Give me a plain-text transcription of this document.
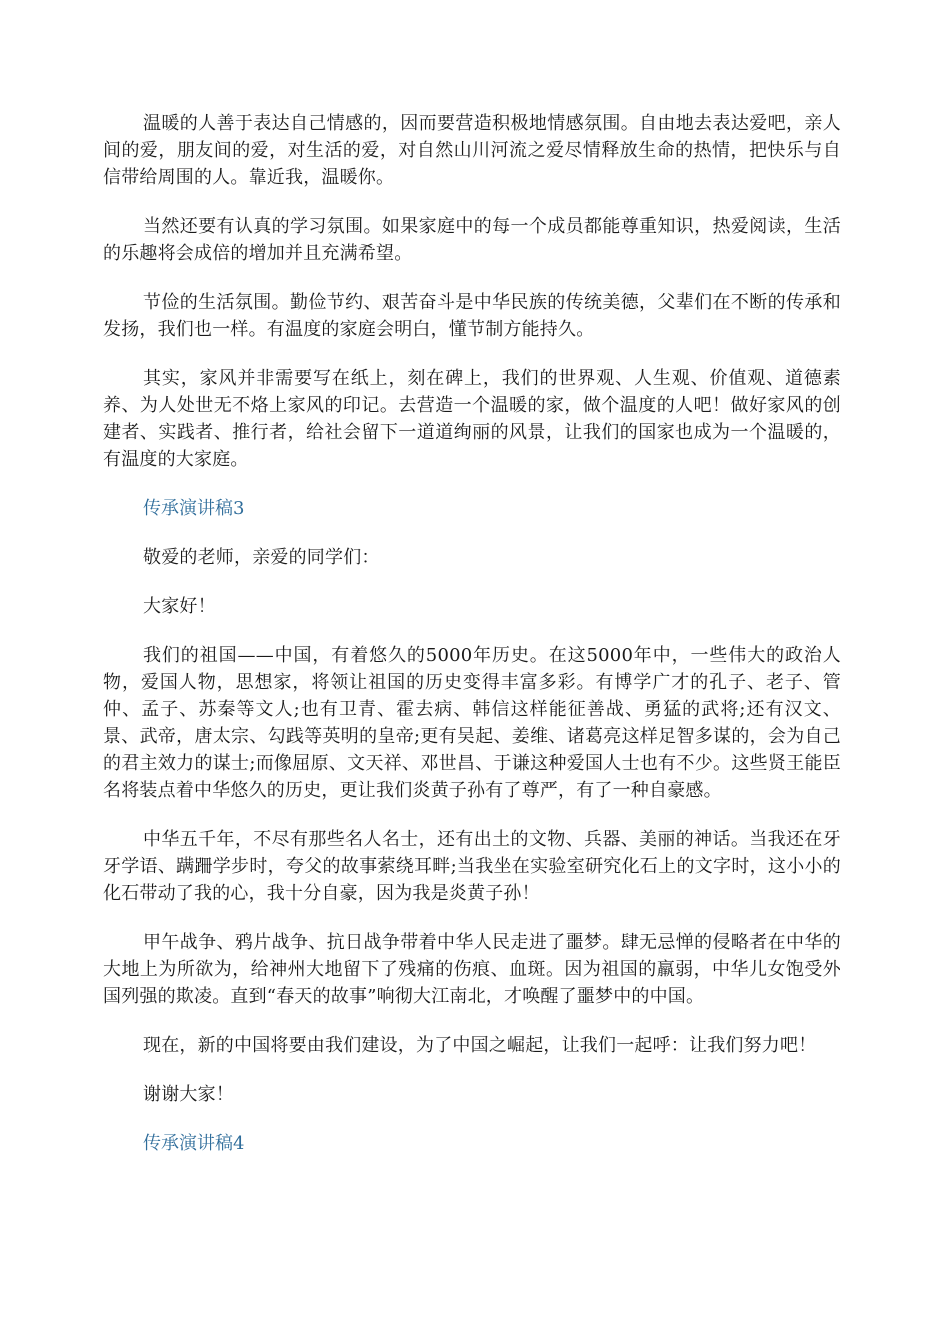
温暖的人善于表达自己情感的，因而要营造积极地情感氛围。自由地去表达爱吧，亲人间的爱，朋友间的爱，对生活的爱，对自然山川河流之爱尽情释放生命的热情，把快乐与自信带给周围的人。靠近我，温暖你。

当然还要有认真的学习氛围。如果家庭中的每一个成员都能尊重知识，热爱阅读，生活的乐趣将会成倍的增加并且充满希望。

节俭的生活氛围。勤俭节约、艰苦奋斗是中华民族的传统美德，父辈们在不断的传承和发扬，我们也一样。有温度的家庭会明白，懂节制方能持久。

其实，家风并非需要写在纸上，刻在碑上，我们的世界观、人生观、价值观、道德素养、为人处世无不烙上家风的印记。去营造一个温暖的家，做个温度的人吧！做好家风的创建者、实践者、推行者，给社会留下一道道绚丽的风景，让我们的国家也成为一个温暖的，有温度的大家庭。

传承演讲稿3

敬爱的老师，亲爱的同学们：

大家好！

我们的祖国——中国，有着悠久的5000年历史。在这5000年中，一些伟大的政治人物，爱国人物，思想家，将领让祖国的历史变得丰富多彩。有博学广才的孔子、老子、管仲、孟子、苏秦等文人;也有卫青、霍去病、韩信这样能征善战、勇猛的武将;还有汉文、景、武帝，唐太宗、勾践等英明的皇帝;更有吴起、姜维、诸葛亮这样足智多谋的，会为自己的君主效力的谋士;而像屈原、文天祥、邓世昌、于谦这种爱国人士也有不少。这些贤王能臣名将装点着中华悠久的历史，更让我们炎黄子孙有了尊严，有了一种自豪感。

中华五千年，不尽有那些名人名士，还有出土的文物、兵器、美丽的神话。当我还在牙牙学语、蹒跚学步时，夸父的故事萦绕耳畔;当我坐在实验室研究化石上的文字时，这小小的化石带动了我的心，我十分自豪，因为我是炎黄子孙！

甲午战争、鸦片战争、抗日战争带着中华人民走进了噩梦。肆无忌惮的侵略者在中华的大地上为所欲为，给神州大地留下了残痛的伤痕、血斑。因为祖国的羸弱，中华儿女饱受外国列强的欺凌。直到“春天的故事”响彻大江南北，才唤醒了噩梦中的中国。

现在，新的中国将要由我们建设，为了中国之崛起，让我们一起呼：让我们努力吧！

谢谢大家！

传承演讲稿4
